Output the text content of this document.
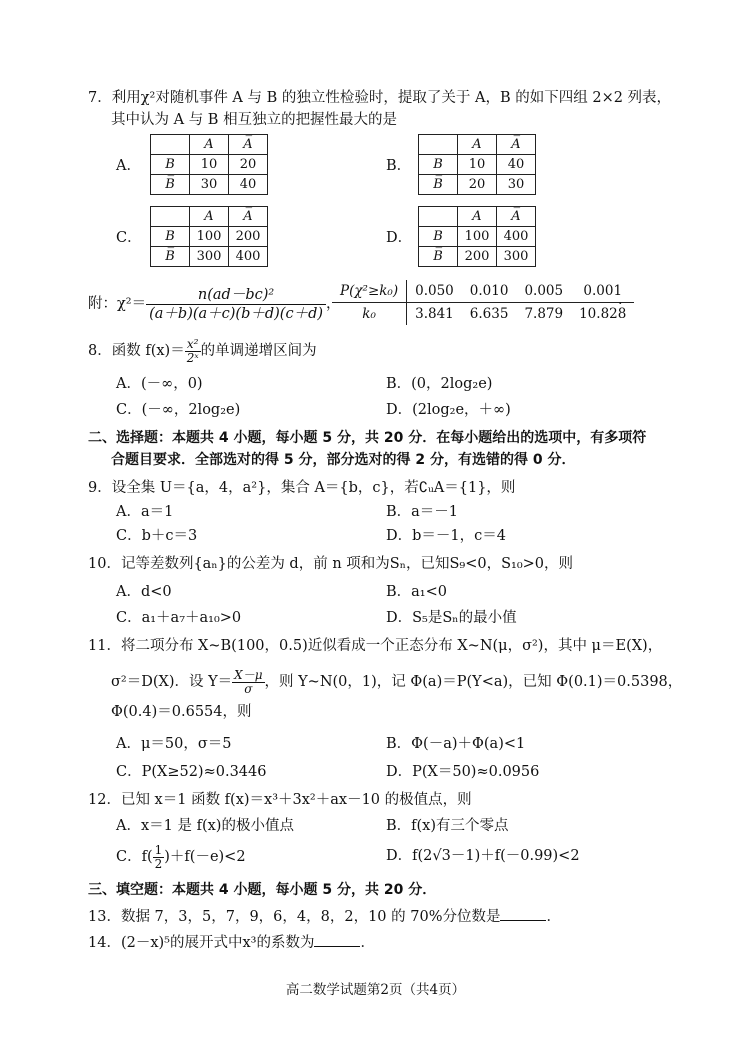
7．利用χ²对随机事件 A 与 B 的独立性检验时，提取了关于 A，B 的如下四组 2×2 列表，
其中认为 A 与 B 相互独立的把握性最大的是
A．
	A	A̅
B	10	20
B̅	30	40
B．
	A	A̅
B	10	40
B̅	20	30
C．
	A	A̅
B	100	200
B̅	300	400
D．
	A	A̅
B	100	400
B̅	200	300
附：$\chi^2= \frac{\text{n(ad－bc)²}}{(a+b)(a+c)(b+d)(c+d)}$ ，
P(χ²≥k₀)	0.050	0.010	0.005	0.001
k₀	3.841	6.635	7.879	10.828
．
8．函数 $f(x)= \frac{\text{x²}}{\text{2ˣ}}$ 的单调递增区间为
A．(－∞，0)	B．(0，2log₂e)
C．(－∞，2log₂e)	D．(2log₂e，＋∞)
二、选择题：本题共 4 小题，每小题 5 分，共 20 分．在每小题给出的选项中，有多项符
合题目要求．全部选对的得 5 分，部分选对的得 2 分，有选错的得 0 分．
9．设全集 U＝{a，4，a²}，集合 A＝{b，c}，若∁ᵤA＝{1}，则
A．a＝1	B．a＝－1
C．b＋c＝3	D．b＝－1，c＝4
10．记等差数列{aₙ}的公差为 d，前 n 项和为Sₙ，已知S₉<0，S₁₀>0，则
A．d<0	B．a₁<0
C．a₁＋a₇＋a₁₀>0	D．S₅是Sₙ的最小值
11．将二项分布 X~B(100，0.5)近似看成一个正态分布 X~N(μ，σ²)，其中 μ＝E(X)，
σ²＝D(X)．设 $Y= \frac{X-\mu}{\sigma}$ ，则 Y~N(0，1)，记 Φ(a)＝P(Y<a)，已知 Φ(0.1)＝0.5398，
Φ(0.4)＝0.6554，则
A．μ＝50，σ＝5	B．Φ(－a)＋Φ(a)<1
C．P(X≥52)≈0.3446	D．P(X＝50)≈0.0956
12．已知 x＝1 函数 f(x)＝x³＋3x²＋ax－10 的极值点，则
A．x＝1 是 f(x)的极小值点	B．f(x)有三个零点
C．$f( \frac{1}{2} )+f(-e)<2$	D．f(2√3－1)＋f(－0.99)<2
三、填空题：本题共 4 小题，每小题 5 分，共 20 分．
13．数据 7，3，5，7，9，6，4，8，2，10 的 70%分位数是	．
14．(2－x)⁵的展开式中x³的系数为	．
高二数学试题第2页（共4页）
